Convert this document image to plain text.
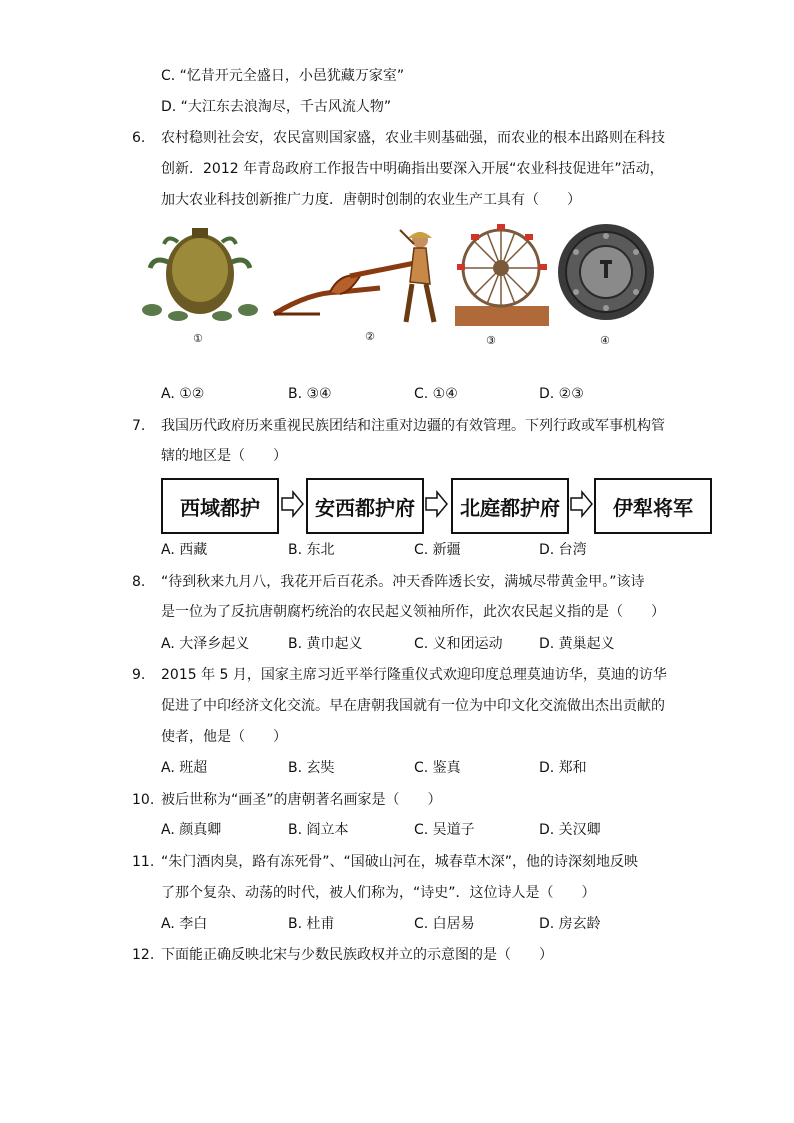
C. “忆昔开元全盛日，小邑犹藏万家室”
D. “大江东去浪淘尽，千古风流人物”
6. 农村稳则社会安，农民富则国家盛，农业丰则基础强，而农业的根本出路则在科技
创新．2012 年青岛政府工作报告中明确指出要深入开展“农业科技促进年”活动，
加大农业科技创新推广力度．唐朝时创制的农业生产工具有（　　）
①	②	③	④
A. ①②	B. ③④	C. ①④	D. ②③
7. 我国历代政府历来重视民族团结和注重对边疆的有效管理。下列行政或军事机构管
辖的地区是（　　）
西域都护	安西都护府	北庭都护府	伊犁将军
A. 西藏	B. 东北	C. 新疆	D. 台湾
8. “待到秋来九月八，我花开后百花杀。冲天香阵透长安，满城尽带黄金甲。”该诗
是一位为了反抗唐朝腐朽统治的农民起义领袖所作，此次农民起义指的是（　　）
A. 大泽乡起义	B. 黄巾起义	C. 义和团运动	D. 黄巢起义
9. 2015 年 5 月，国家主席习近平举行隆重仪式欢迎印度总理莫迪访华，莫迪的访华
促进了中印经济文化交流。早在唐朝我国就有一位为中印文化交流做出杰出贡献的
使者，他是（　　）
A. 班超	B. 玄奘	C. 鉴真	D. 郑和
10. 被后世称为“画圣”的唐朝著名画家是（　　）
A. 颜真卿	B. 阎立本	C. 吴道子	D. 关汉卿
11. “朱门酒肉臭，路有冻死骨”、“国破山河在，城春草木深”，他的诗深刻地反映
了那个复杂、动荡的时代，被人们称为，“诗史”．这位诗人是（　　）
A. 李白	B. 杜甫	C. 白居易	D. 房玄龄
12. 下面能正确反映北宋与少数民族政权并立的示意图的是（　　）
